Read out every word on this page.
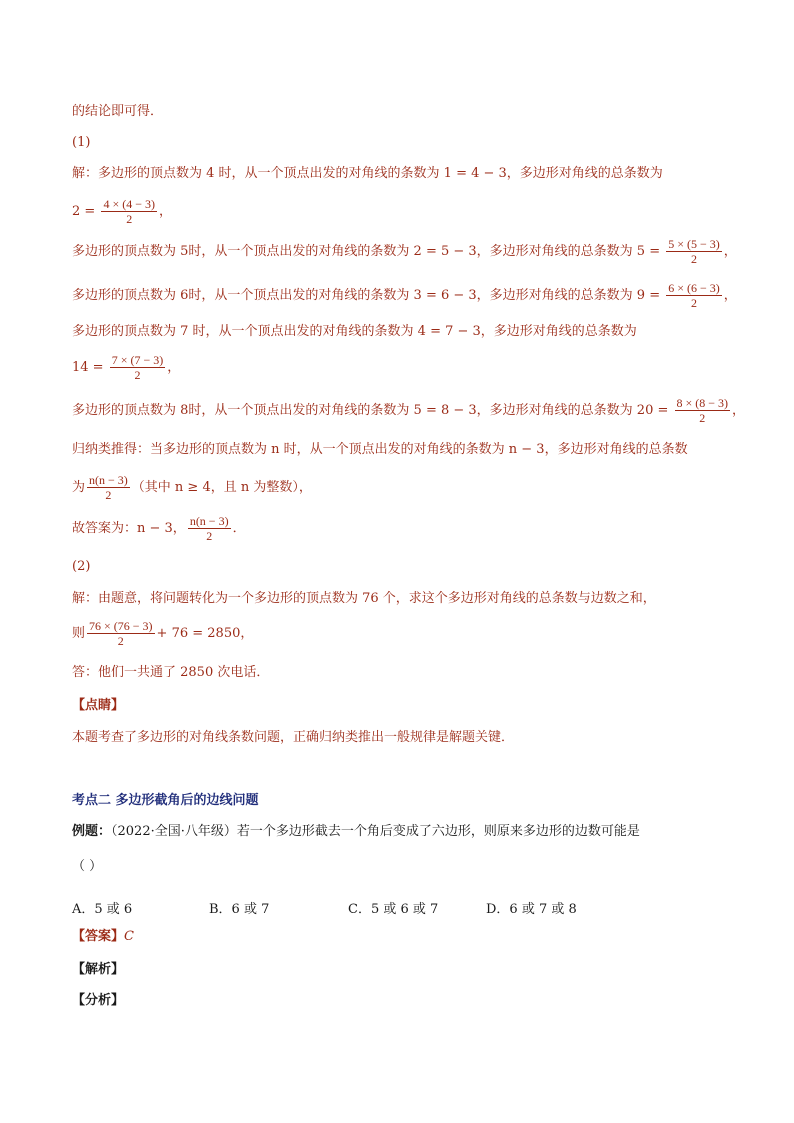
的结论即可得．
(1)
解：多边形的顶点数为 4 时，从一个顶点出发的对角线的条数为 1 = 4 − 3，多边形对角线的总条数为
$2 = \frac{4 \times (4 - 3)}{2}$ ，
多边形的顶点数为 5时，从一个顶点出发的对角线的条数为 2 = 5 − 3，多边形对角线的总条数为 $5 = \frac{5 \times (5 - 3)}{2}$ ，
多边形的顶点数为 6时，从一个顶点出发的对角线的条数为 3 = 6 − 3，多边形对角线的总条数为 $9 = \frac{6 \times (6 - 3)}{2}$ ，
多边形的顶点数为 7 时，从一个顶点出发的对角线的条数为 4 = 7 − 3，多边形对角线的总条数为
$14 = \frac{7 \times (7 - 3)}{2}$ ，
多边形的顶点数为 8时，从一个顶点出发的对角线的条数为 5 = 8 − 3，多边形对角线的总条数为 $20 = \frac{8 \times (8 - 3)}{2}$ ，
归纳类推得：当多边形的顶点数为 n 时，从一个顶点出发的对角线的条数为 n − 3，多边形对角线的总条数
为 $\frac{n(n - 3)}{2}$ （其中 n ≥ 4，且 n 为整数），
故答案为：n − 3， $\frac{n(n - 3)}{2}$ ．
(2)
解：由题意，将问题转化为一个多边形的顶点数为 76 个，求这个多边形对角线的总条数与边数之和，
则 $\frac{76 \times (76 - 3)}{2} + 76 = 2850$，
答：他们一共通了 2850 次电话．
【点睛】
本题考查了多边形的对角线条数问题，正确归纳类推出一般规律是解题关键．
考点二 多边形截角后的边线问题
例题：（2022·全国·八年级）若一个多边形截去一个角后变成了六边形，则原来多边形的边数可能是
（ ）
A．5 或 6	B．6 或 7	C．5 或 6 或 7	D．6 或 7 或 8
【答案】C
【解析】
【分析】
